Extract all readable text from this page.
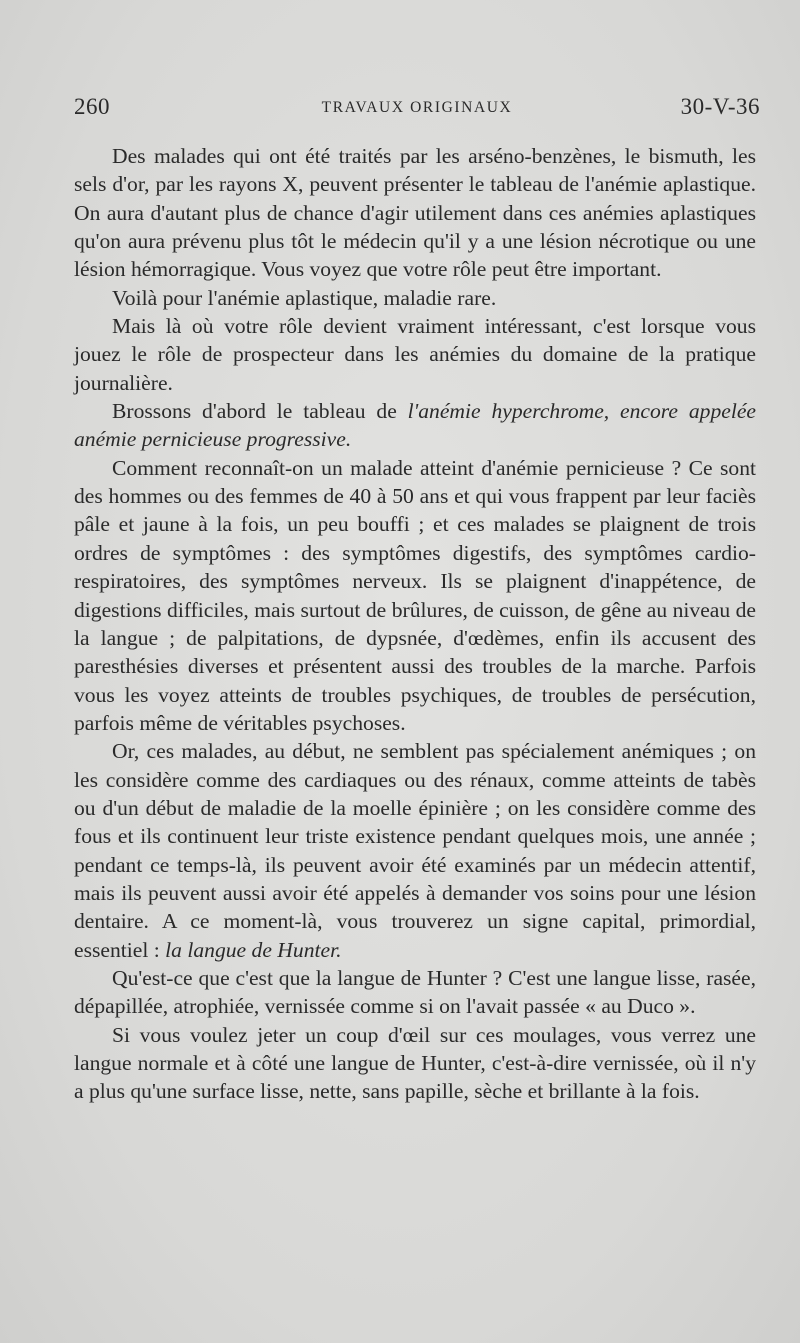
260	TRAVAUX ORIGINAUX	30-V-36

Des malades qui ont été traités par les arséno-benzènes, le bismuth, les sels d'or, par les rayons X, peuvent présenter le tableau de l'anémie aplastique. On aura d'autant plus de chance d'agir utilement dans ces anémies aplastiques qu'on aura prévenu plus tôt le médecin qu'il y a une lésion nécrotique ou une lésion hémorragique. Vous voyez que votre rôle peut être important.

Voilà pour l'anémie aplastique, maladie rare.

Mais là où votre rôle devient vraiment intéressant, c'est lorsque vous jouez le rôle de prospecteur dans les anémies du domaine de la pratique journalière.

Brossons d'abord le tableau de l'anémie hyperchrome, encore appelée anémie pernicieuse progressive.

Comment reconnaît-on un malade atteint d'anémie pernicieuse ? Ce sont des hommes ou des femmes de 40 à 50 ans et qui vous frappent par leur faciès pâle et jaune à la fois, un peu bouffi ; et ces malades se plaignent de trois ordres de symptômes : des symptômes digestifs, des symptômes cardio-respiratoires, des symptômes nerveux. Ils se plaignent d'inappétence, de digestions difficiles, mais surtout de brûlures, de cuisson, de gêne au niveau de la langue ; de palpitations, de dypsnée, d'œdèmes, enfin ils accusent des paresthésies diverses et présentent aussi des troubles de la marche. Parfois vous les voyez atteints de troubles psychiques, de troubles de persécution, parfois même de véritables psychoses.

Or, ces malades, au début, ne semblent pas spécialement anémiques ; on les considère comme des cardiaques ou des rénaux, comme atteints de tabès ou d'un début de maladie de la moelle épinière ; on les considère comme des fous et ils continuent leur triste existence pendant quelques mois, une année ; pendant ce temps-là, ils peuvent avoir été examinés par un médecin attentif, mais ils peuvent aussi avoir été appelés à demander vos soins pour une lésion dentaire. A ce moment-là, vous trouverez un signe capital, primordial, essentiel : la langue de Hunter.

Qu'est-ce que c'est que la langue de Hunter ? C'est une langue lisse, rasée, dépapillée, atrophiée, vernissée comme si on l'avait passée « au Duco ».

Si vous voulez jeter un coup d'œil sur ces moulages, vous verrez une langue normale et à côté une langue de Hunter, c'est-à-dire vernissée, où il n'y a plus qu'une surface lisse, nette, sans papille, sèche et brillante à la fois.
